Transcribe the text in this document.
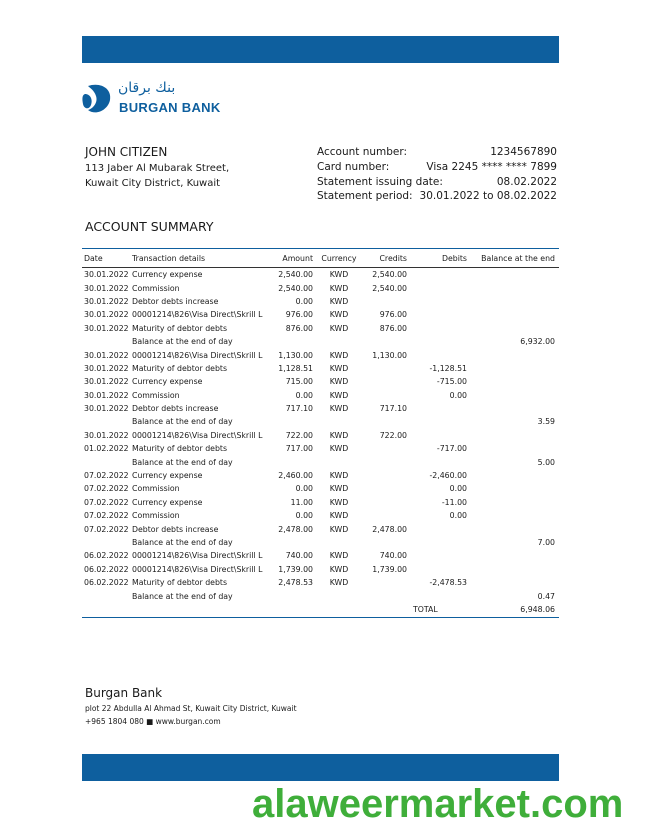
بنك برقان
BURGAN BANK
JOHN CITIZEN
113 Jaber Al Mubarak Street,
Kuwait City District, Kuwait
Account number:	1234567890
Card number:	Visa 2245 **** **** 7899
Statement issuing date:	08.02.2022
Statement period: 30.01.2022 to 08.02.2022
ACCOUNT SUMMARY
Date	Transaction details	Amount	Currency	Credits	Debits	Balance at the end
30.01.2022	Currency expense	2,540.00	KWD	2,540.00		
30.01.2022	Commission	2,540.00	KWD	2,540.00		
30.01.2022	Debtor debts increase	0.00	KWD			
30.01.2022	00001214\826\Visa Direct\Skrill L	976.00	KWD	976.00		
30.01.2022	Maturity of debtor debts	876.00	KWD	876.00		
	Balance at the end of day					6,932.00
30.01.2022	00001214\826\Visa Direct\Skrill L	1,130.00	KWD	1,130.00		
30.01.2022	Maturity of debtor debts	1,128.51	KWD		-1,128.51	
30.01.2022	Currency expense	715.00	KWD		-715.00	
30.01.2022	Commission	0.00	KWD		0.00	
30.01.2022	Debtor debts increase	717.10	KWD	717.10		
	Balance at the end of day					3.59
30.01.2022	00001214\826\Visa Direct\Skrill L	722.00	KWD	722.00		
01.02.2022	Maturity of debtor debts	717.00	KWD		-717.00	
	Balance at the end of day					5.00
07.02.2022	Currency expense	2,460.00	KWD		-2,460.00	
07.02.2022	Commission	0.00	KWD		0.00	
07.02.2022	Currency expense	11.00	KWD		-11.00	
07.02.2022	Commission	0.00	KWD		0.00	
07.02.2022	Debtor debts increase	2,478.00	KWD	2,478.00		
	Balance at the end of day					7.00
06.02.2022	00001214\826\Visa Direct\Skrill L	740.00	KWD	740.00		
06.02.2022	00001214\826\Visa Direct\Skrill L	1,739.00	KWD	1,739.00		
06.02.2022	Maturity of debtor debts	2,478.53	KWD		-2,478.53	
	Balance at the end of day					0.47
					TOTAL	6,948.06
Burgan Bank
plot 22 Abdulla Al Ahmad St, Kuwait City District, Kuwait
+965 1804 080 ■ www.burgan.com
alaweermarket.com
